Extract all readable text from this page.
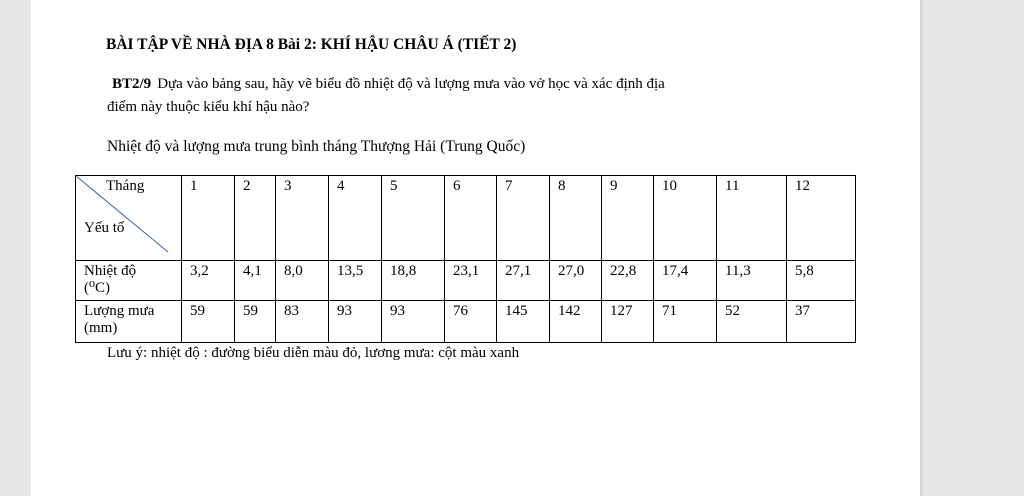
BÀI TẬP VỀ NHÀ ĐỊA 8 Bài 2: KHÍ HẬU CHÂU Á (TIẾT 2)
BT2/9 Dựa vào bảng sau, hãy vẽ biểu đồ nhiệt độ và lượng mưa vào vở học và xác định địa
điểm này thuộc kiểu khí hậu nào?
Nhiệt độ và lượng mưa trung bình tháng Thượng Hải (Trung Quốc)
Tháng
Yếu tố	1	2	3	4	5	6	7	8	9	10	11	12
Nhiệt độ
(⁰C)	3,2	4,1	8,0	13,5	18,8	23,1	27,1	27,0	22,8	17,4	11,3	5,8
Lượng mưa
(mm)	59	59	83	93	93	76	145	142	127	71	52	37
Lưu ý: nhiệt độ : đường biểu diễn màu đỏ, lương mưa: cột màu xanh
